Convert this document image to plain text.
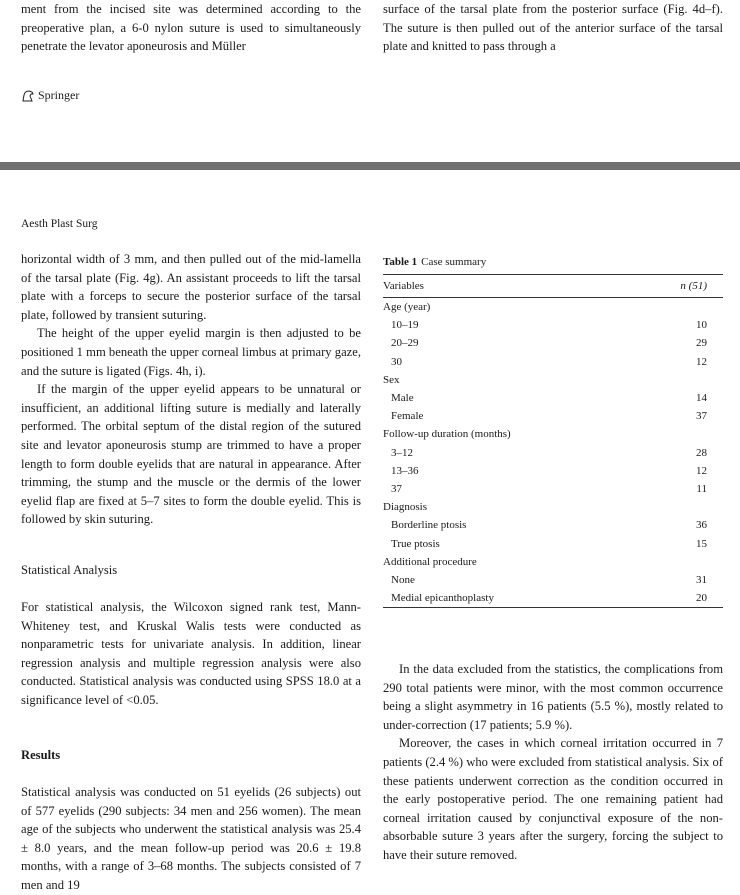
ment from the incised site was determined according to the preoperative plan, a 6-0 nylon suture is used to simultaneously penetrate the levator aponeurosis and Müller

surface of the tarsal plate from the posterior surface (Fig. 4d–f). The suture is then pulled out of the anterior surface of the tarsal plate and knitted to pass through a

Springer
Aesth Plast Surg

horizontal width of 3 mm, and then pulled out of the mid-lamella of the tarsal plate (Fig. 4g). An assistant proceeds to lift the tarsal plate with a forceps to secure the posterior surface of the tarsal plate, followed by transient suturing.

The height of the upper eyelid margin is then adjusted to be positioned 1 mm beneath the upper corneal limbus at primary gaze, and the suture is ligated (Figs. 4h, i).

If the margin of the upper eyelid appears to be unnatural or insufficient, an additional lifting suture is medially and laterally performed. The orbital septum of the distal region of the sutured site and levator aponeurosis stump are trimmed to have a proper length to form double eyelids that are natural in appearance. After trimming, the stump and the muscle or the dermis of the lower eyelid flap are fixed at 5–7 sites to form the double eyelid. This is followed by skin suturing.

Statistical Analysis

For statistical analysis, the Wilcoxon signed rank test, Mann-Whiteney test, and Kruskal Walis tests were conducted as nonparametric tests for univariate analysis. In addition, linear regression analysis and multiple regression analysis were also conducted. Statistical analysis was conducted using SPSS 18.0 at a significance level of <0.05.

Results

Statistical analysis was conducted on 51 eyelids (26 subjects) out of 577 eyelids (290 subjects: 34 men and 256 women). The mean age of the subjects who underwent the statistical analysis was 25.4 ± 8.0 years, and the mean follow-up period was 20.6 ± 19.8 months, with a range of 3–68 months. The subjects consisted of 7 men and 19

Table 1 Case summary

Variables	n (51)
Age (year)	
10–19	10
20–29	29
30	12
Sex	
Male	14
Female	37
Follow-up duration (months)	
3–12	28
13–36	12
37	11
Diagnosis	
Borderline ptosis	36
True ptosis	15
Additional procedure	
None	31
Medial epicanthoplasty	20

In the data excluded from the statistics, the complications from 290 total patients were minor, with the most common occurrence being a slight asymmetry in 16 patients (5.5 %), mostly related to under-correction (17 patients; 5.9 %).

Moreover, the cases in which corneal irritation occurred in 7 patients (2.4 %) who were excluded from statistical analysis. Six of these patients underwent correction as the condition occurred in the early postoperative period. The one remaining patient had corneal irritation caused by conjunctival exposure of the non-absorbable suture 3 years after the surgery, forcing the subject to have their suture removed.
